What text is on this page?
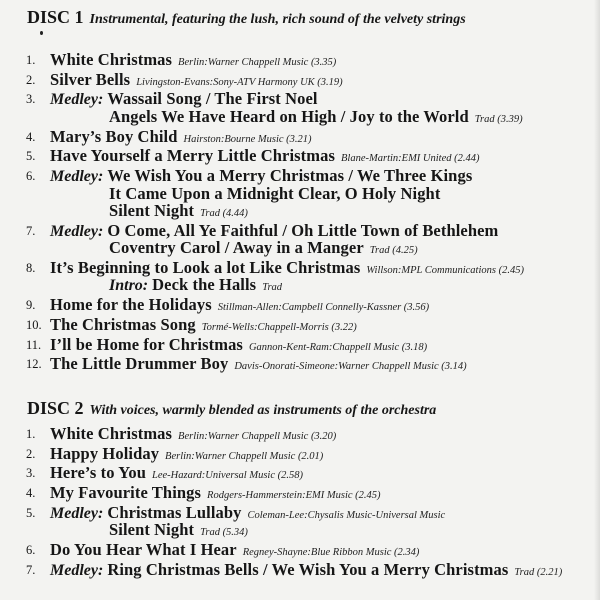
DISC 1 Instrumental, featuring the lush, rich sound of the velvety strings
1. White Christmas Berlin:Warner Chappell Music (3.35)
2. Silver Bells Livingston-Evans:Sony-ATV Harmony UK (3.19)
3. Medley: Wassail Song / The First Noel
Angels We Have Heard on High / Joy to the World Trad (3.39)
4. Mary’s Boy Child Hairston:Bourne Music (3.21)
5. Have Yourself a Merry Little Christmas Blane-Martin:EMI United (2.44)
6. Medley: We Wish You a Merry Christmas / We Three Kings
It Came Upon a Midnight Clear, O Holy Night
Silent Night Trad (4.44)
7. Medley: O Come, All Ye Faithful / Oh Little Town of Bethlehem
Coventry Carol / Away in a Manger Trad (4.25)
8. It’s Beginning to Look a lot Like Christmas Willson:MPL Communications (2.45)
Intro: Deck the Halls Trad
9. Home for the Holidays Stillman-Allen:Campbell Connelly-Kassner (3.56)
10. The Christmas Song Tormé-Wells:Chappell-Morris (3.22)
11. I’ll be Home for Christmas Gannon-Kent-Ram:Chappell Music (3.18)
12. The Little Drummer Boy Davis-Onorati-Simeone:Warner Chappell Music (3.14)
DISC 2 With voices, warmly blended as instruments of the orchestra
1. White Christmas Berlin:Warner Chappell Music (3.20)
2. Happy Holiday Berlin:Warner Chappell Music (2.01)
3. Here’s to You Lee-Hazard:Universal Music (2.58)
4. My Favourite Things Rodgers-Hammerstein:EMI Music (2.45)
5. Medley: Christmas Lullaby Coleman-Lee:Chysalis Music-Universal Music
Silent Night Trad (5.34)
6. Do You Hear What I Hear Regney-Shayne:Blue Ribbon Music (2.34)
7. Medley: Ring Christmas Bells / We Wish You a Merry Christmas Trad (2.21)
